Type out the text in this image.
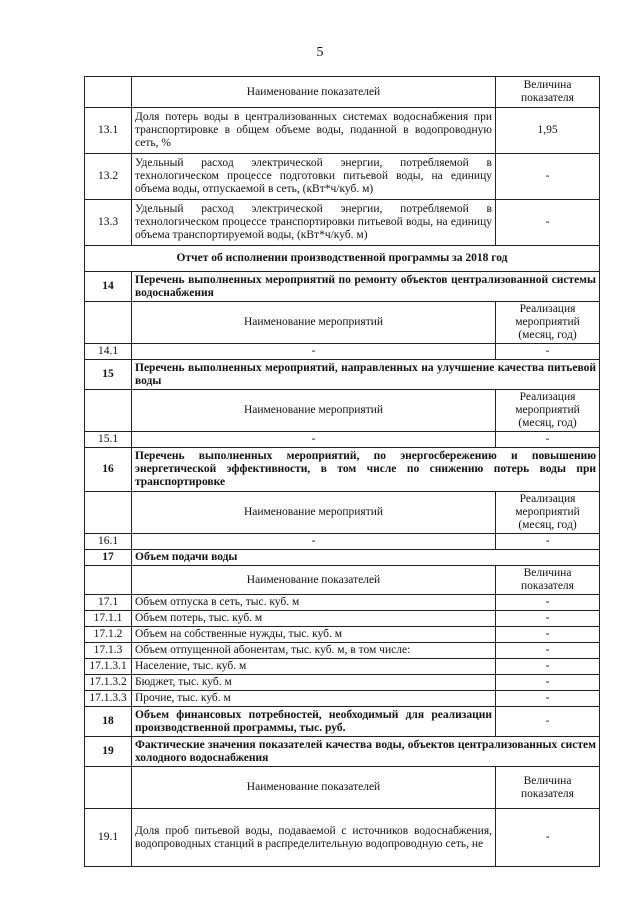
5
	Наименование показателей	Величина показателя
13.1	Доля потерь воды в централизованных системах водоснабжения при транспортировке в общем объеме воды, поданной в водопроводную сеть, %	1,95
13.2	Удельный расход электрической энергии, потребляемой в технологическом процессе подготовки питьевой воды, на единицу объема воды, отпускаемой в сеть, (кВт*ч/куб. м)	-
13.3	Удельный расход электрической энергии, потребляемой в технологическом процессе транспортировки питьевой воды, на единицу объема транспортируемой воды, (кВт*ч/куб. м)	-
Отчет об исполнении производственной программы за 2018 год		
14	Перечень выполненных мероприятий по ремонту объектов централизованной системы водоснабжения	
	Наименование мероприятий	Реализация мероприятий (месяц, год)
14.1	-	-
15	Перечень выполненных мероприятий, направленных на улучшение качества питьевой воды	
	Наименование мероприятий	Реализация мероприятий (месяц, год)
15.1	-	-
16	Перечень выполненных мероприятий, по энергосбережению и повышению энергетической эффективности, в том числе по снижению потерь воды при транспортировке	
	Наименование мероприятий	Реализация мероприятий (месяц, год)
16.1	-	-
17	Объем подачи воды	
	Наименование показателей	Величина показателя
17.1	Объем отпуска в сеть, тыс. куб. м	-
17.1.1	Объем потерь, тыс. куб. м	-
17.1.2	Объем на собственные нужды, тыс. куб. м	-
17.1.3	Объем отпущенной абонентам, тыс. куб. м, в том числе:	-
17.1.3.1	Население, тыс. куб. м	-
17.1.3.2	Бюджет, тыс. куб. м	-
17.1.3.3	Прочие, тыс. куб. м	-
18	Объем финансовых потребностей, необходимый для реализации производственной программы, тыс. руб.	-
19	Фактические значения показателей качества воды, объектов централизованных систем холодного водоснабжения	
	Наименование показателей	Величина показателя
19.1	Доля проб питьевой воды, подаваемой с источников водоснабжения, водопроводных станций в распределительную водопроводную сеть, не	-
